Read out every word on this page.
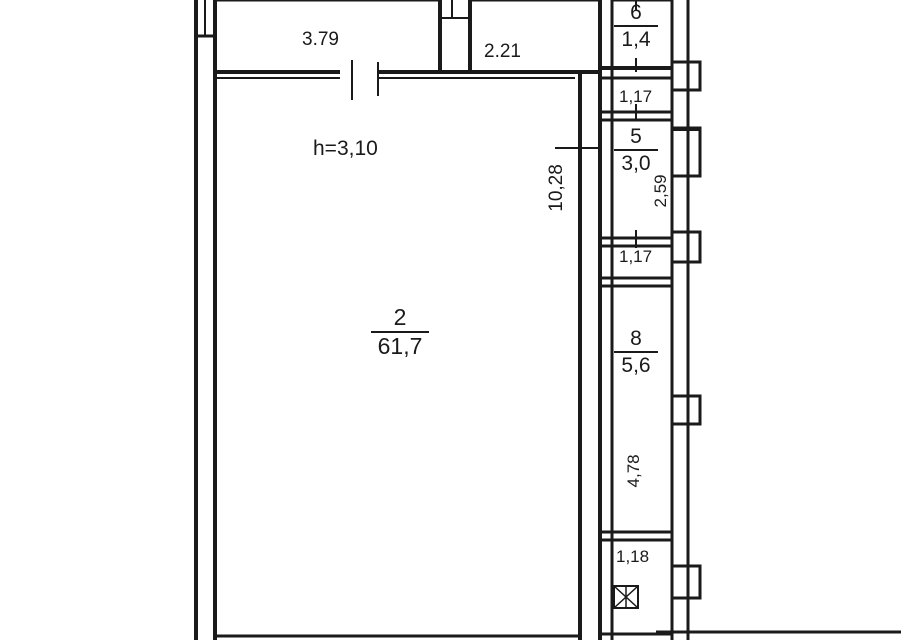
3.79
2.21
h=3,10
10,28
1,17
2,59
1,17
4,78
1,18
2
61,7
6
1,4
5
3,0
8
5,6
